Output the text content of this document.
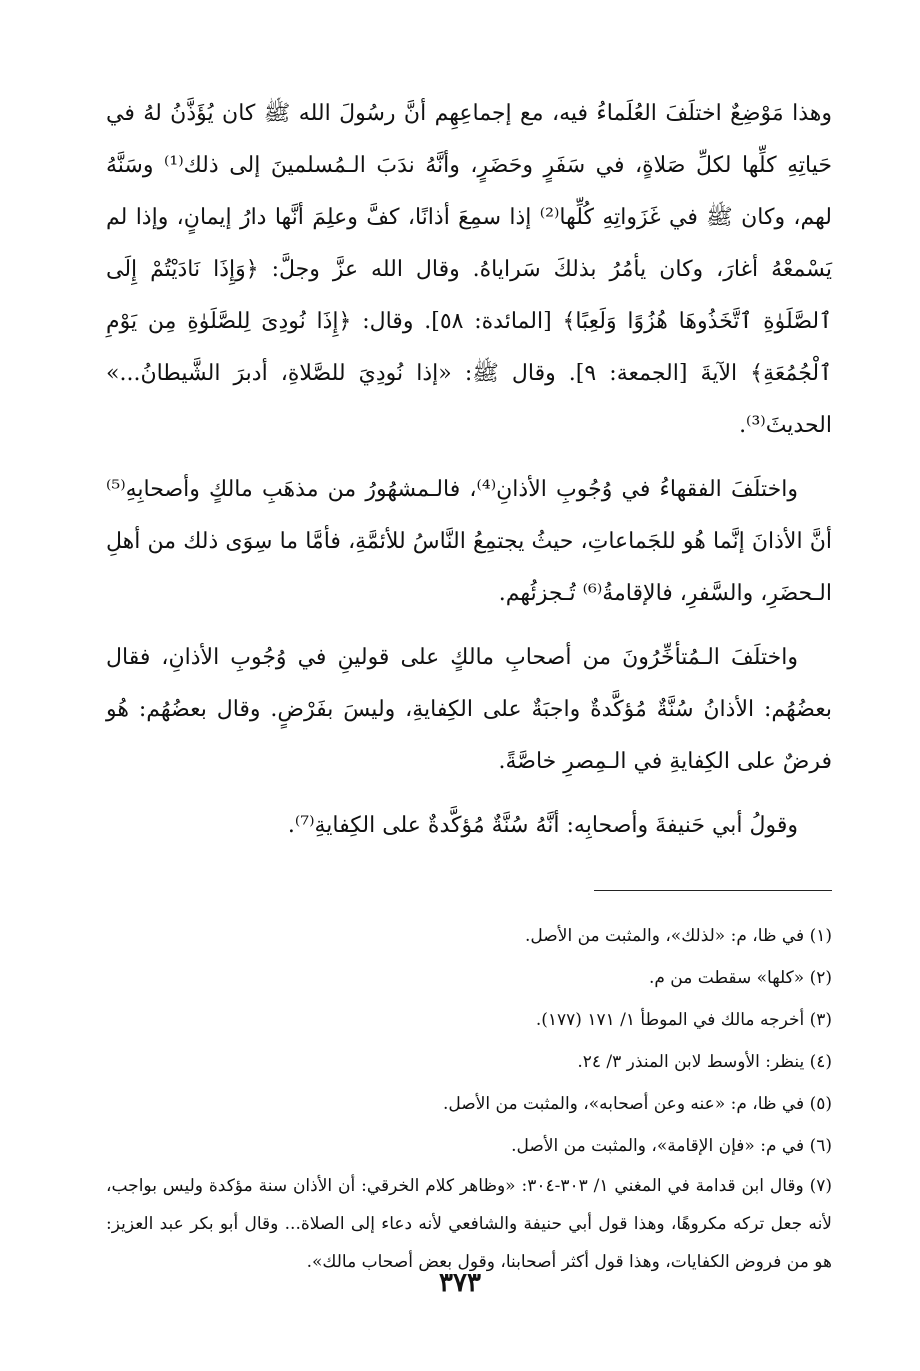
وهذا مَوْضِعٌ اختلَفَ العُلَماءُ فيه، مع إجماعِهِم أنَّ رسُولَ الله ﷺ كان يُؤَذَّنُ لهُ في حَياتِهِ كلِّها لكلِّ صَلاةٍ، في سَفَرٍ وحَضَرٍ، وأنَّهُ ندَبَ الـمُسلمينَ إلى ذلك⁽¹⁾ وسَنَّهُ لهم، وكان ﷺ في غَزَواتِهِ كُلِّها⁽²⁾ إذا سمِعَ أذانًا، كفَّ وعلِمَ أنَّها دارُ إيمانٍ، وإذا لم يَسْمعْهُ أغارَ، وكان يأمُرُ بذلكَ سَراياهُ. وقال الله عزَّ وجلَّ: ﴿وَإِذَا نَادَيْتُمْ إِلَى ٱلصَّلَوٰةِ ٱتَّخَذُوهَا هُزُوًا وَلَعِبًا﴾ [المائدة: ٥٨]. وقال: ﴿إِذَا نُودِىَ لِلصَّلَوٰةِ مِن يَوْمِ ٱلْجُمُعَةِ﴾ الآيةَ [الجمعة: ٩]. وقال ﷺ: «إذا نُودِيَ للصَّلاةِ، أدبرَ الشَّيطانُ...» الحديثَ⁽³⁾.

واختلَفَ الفقهاءُ في وُجُوبِ الأذانِ⁽⁴⁾، فالـمشهُورُ من مذهَبِ مالكٍ وأصحابِهِ⁽⁵⁾ أنَّ الأذانَ إنَّما هُو للجَماعاتِ، حيثُ يجتمِعُ النَّاسُ للأئمَّةِ، فأمَّا ما سِوَى ذلك من أهلِ الـحضَرِ، والسَّفرِ، فالإقامةُ⁽⁶⁾ تُـجزئُهم.

واختلَفَ الـمُتأخِّرُونَ من أصحابِ مالكٍ على قولينِ في وُجُوبِ الأذانِ، فقال بعضُهُم: الأذانُ سُنَّةٌ مُؤكَّدةٌ واجبَةٌ على الكِفايةِ، وليسَ بفَرْضٍ. وقال بعضُهُم: هُو فرضٌ على الكِفايةِ في الـمِصرِ خاصَّةً.

وقولُ أبي حَنيفةَ وأصحابِه: أنَّهُ سُنَّةٌ مُؤكَّدةٌ على الكِفايةِ⁽⁷⁾.

(١) في ظا، م: «لذلك»، والمثبت من الأصل.

(٢) «كلها» سقطت من م.

(٣) أخرجه مالك في الموطأ ١/ ١٧١ (١٧٧).

(٤) ينظر: الأوسط لابن المنذر ٣/ ٢٤.

(٥) في ظا، م: «عنه وعن أصحابه»، والمثبت من الأصل.

(٦) في م: «فإن الإقامة»، والمثبت من الأصل.

(٧) وقال ابن قدامة في المغني ١/ ٣٠٣-٣٠٤: «وظاهر كلام الخرقي: أن الأذان سنة مؤكدة وليس بواجب، لأنه جعل تركه مكروهًا، وهذا قول أبي حنيفة والشافعي لأنه دعاء إلى الصلاة... وقال أبو بكر عبد العزيز: هو من فروض الكفايات، وهذا قول أكثر أصحابنا، وقول بعض أصحاب مالك».

٣٧٣
